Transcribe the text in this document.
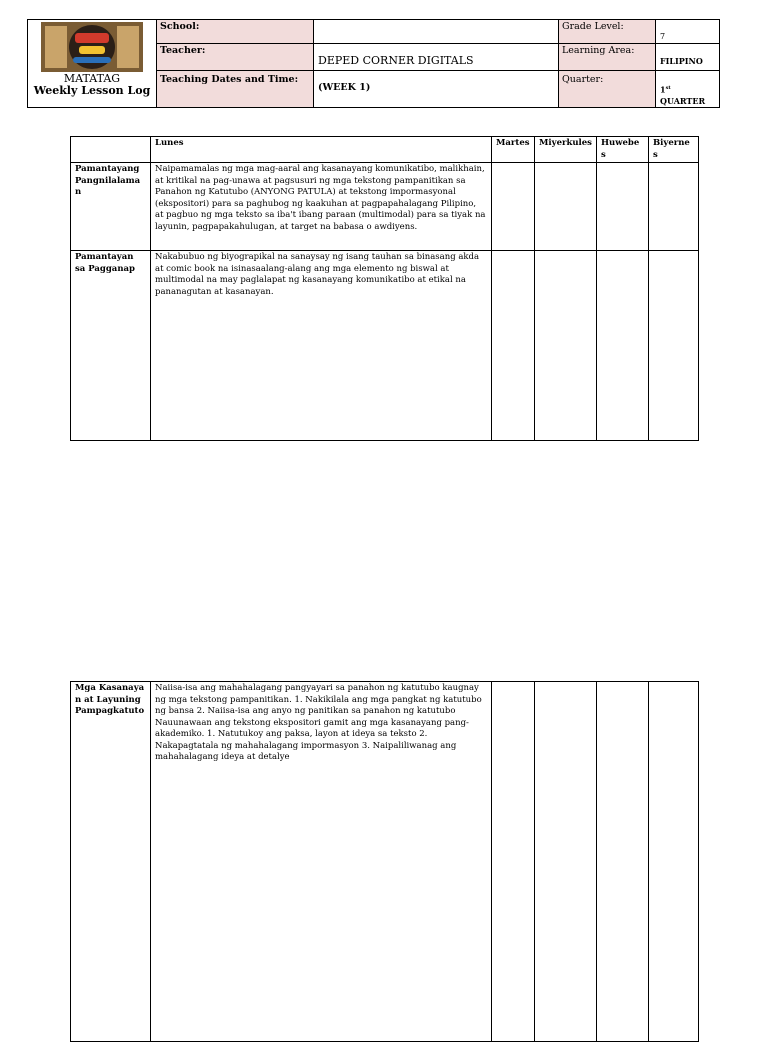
MATATAG
Weekly Lesson Log	School:		Grade Level:	7
	Teacher:	DEPED CORNER DIGITALS	Learning Area:	FILIPINO
	Teaching Dates and Time:	(WEEK 1)	Quarter:	1st QUARTER
	Lunes	Martes	Miyerkules	Huwebes	Biyernes
Pamantayang Pangnilalaman	Naipamamalas ng mga mag-aaral ang kasanayang komunikatibo, malikhain, at kritikal na pag-unawa at pagsusuri ng mga tekstong pampanitikan sa Panahon ng Katutubo (ANYONG PATULA) at tekstong impormasyonal (ekspositori) para sa paghubog ng kaakuhan at pagpapahalagang Pilipino, at pagbuo ng mga teksto sa iba't ibang paraan (multimodal) para sa tiyak na layunin, pagpapakahulugan, at target na babasa o awdiyens.				
Pamantayan sa Pagganap	Nakabubuo ng biyograpikal na sanaysay ng isang tauhan sa binasang akda at comic book na isinasaalang-alang ang mga elemento ng biswal at multimodal na may paglalapat ng kasanayang komunikatibo at etikal na pananagutan at kasanayan.				
Mga Kasanayan at Layuning Pampagkatuto	Naiisa-isa ang mahahalagang pangyayari sa panahon ng katutubo kaugnay ng mga tekstong pampanitikan. 1. Nakikilala ang mga pangkat ng katutubo ng bansa 2. Naiisa-isa ang anyo ng panitikan sa panahon ng katutubo Nauunawaan ang tekstong ekspositori gamit ang mga kasanayang pang-akademiko. 1. Natutukoy ang paksa, layon at ideya sa teksto 2. Nakapagtatala ng mahahalagang impormasyon 3. Naipaliliwanag ang mahahalagang ideya at detalye				
